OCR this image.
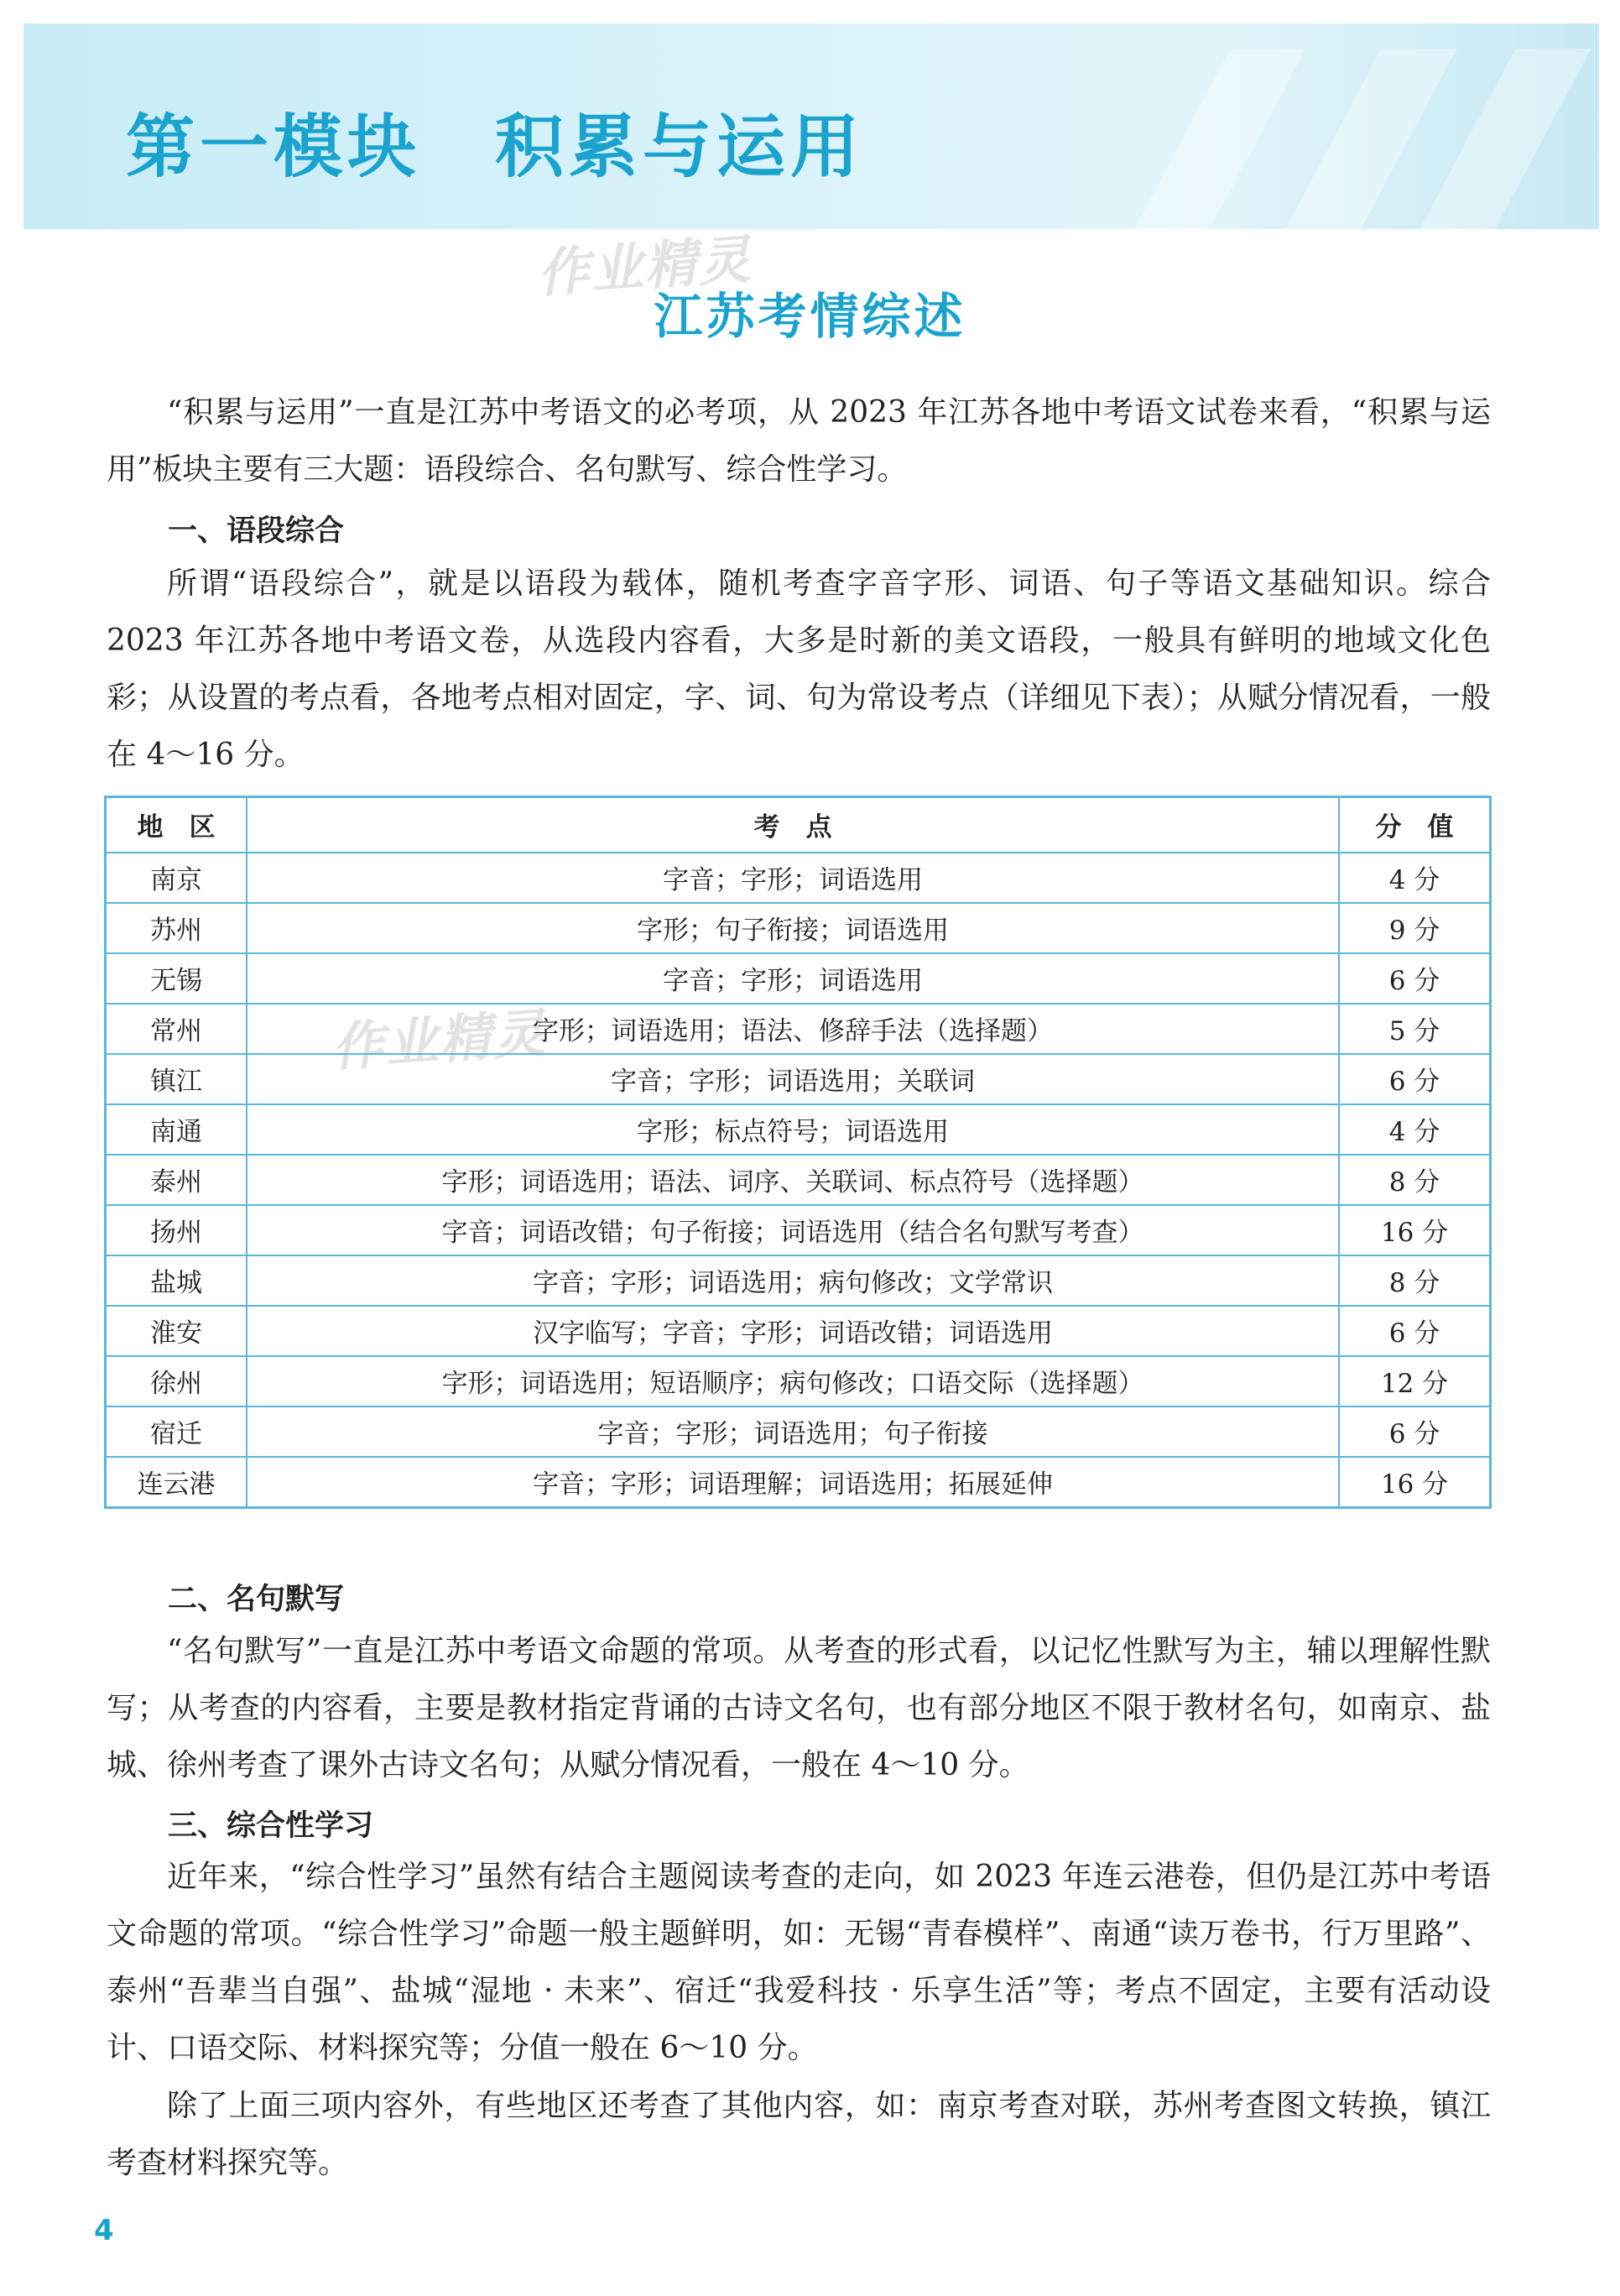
第一模块　积累与运用
作业精灵
作业精灵
江苏考情综述

“积累与运用”一直是江苏中考语文的必考项，从 2023 年江苏各地中考语文试卷来看，“积累与运用”板块主要有三大题：语段综合、名句默写、综合性学习。

一、语段综合

所谓“语段综合”，就是以语段为载体，随机考查字音字形、词语、句子等语文基础知识。综合 2023 年江苏各地中考语文卷，从选段内容看，大多是时新的美文语段，一般具有鲜明的地域文化色彩；从设置的考点看，各地考点相对固定，字、词、句为常设考点（详细见下表）；从赋分情况看，一般在 4～16 分。

地　区	考　点	分　值
南京	字音；字形；词语选用	4 分
苏州	字形；句子衔接；词语选用	9 分
无锡	字音；字形；词语选用	6 分
常州	字形；词语选用；语法、修辞手法（选择题）	5 分
镇江	字音；字形；词语选用；关联词	6 分
南通	字形；标点符号；词语选用	4 分
泰州	字形；词语选用；语法、词序、关联词、标点符号（选择题）	8 分
扬州	字音；词语改错；句子衔接；词语选用（结合名句默写考查）	16 分
盐城	字音；字形；词语选用；病句修改；文学常识	8 分
淮安	汉字临写；字音；字形；词语改错；词语选用	6 分
徐州	字形；词语选用；短语顺序；病句修改；口语交际（选择题）	12 分
宿迁	字音；字形；词语选用；句子衔接	6 分
连云港	字音；字形；词语理解；词语选用；拓展延伸	16 分
二、名句默写

“名句默写”一直是江苏中考语文命题的常项。从考查的形式看，以记忆性默写为主，辅以理解性默写；从考查的内容看，主要是教材指定背诵的古诗文名句，也有部分地区不限于教材名句，如南京、盐城、徐州考查了课外古诗文名句；从赋分情况看，一般在 4～10 分。

三、综合性学习

近年来，“综合性学习”虽然有结合主题阅读考查的走向，如 2023 年连云港卷，但仍是江苏中考语文命题的常项。“综合性学习”命题一般主题鲜明，如：无锡“青春模样”、南通“读万卷书，行万里路”、泰州“吾辈当自强”、盐城“湿地 · 未来”、宿迁“我爱科技 · 乐享生活”等；考点不固定，主要有活动设计、口语交际、材料探究等；分值一般在 6～10 分。

除了上面三项内容外，有些地区还考查了其他内容，如：南京考查对联，苏州考查图文转换，镇江考查材料探究等。

4
